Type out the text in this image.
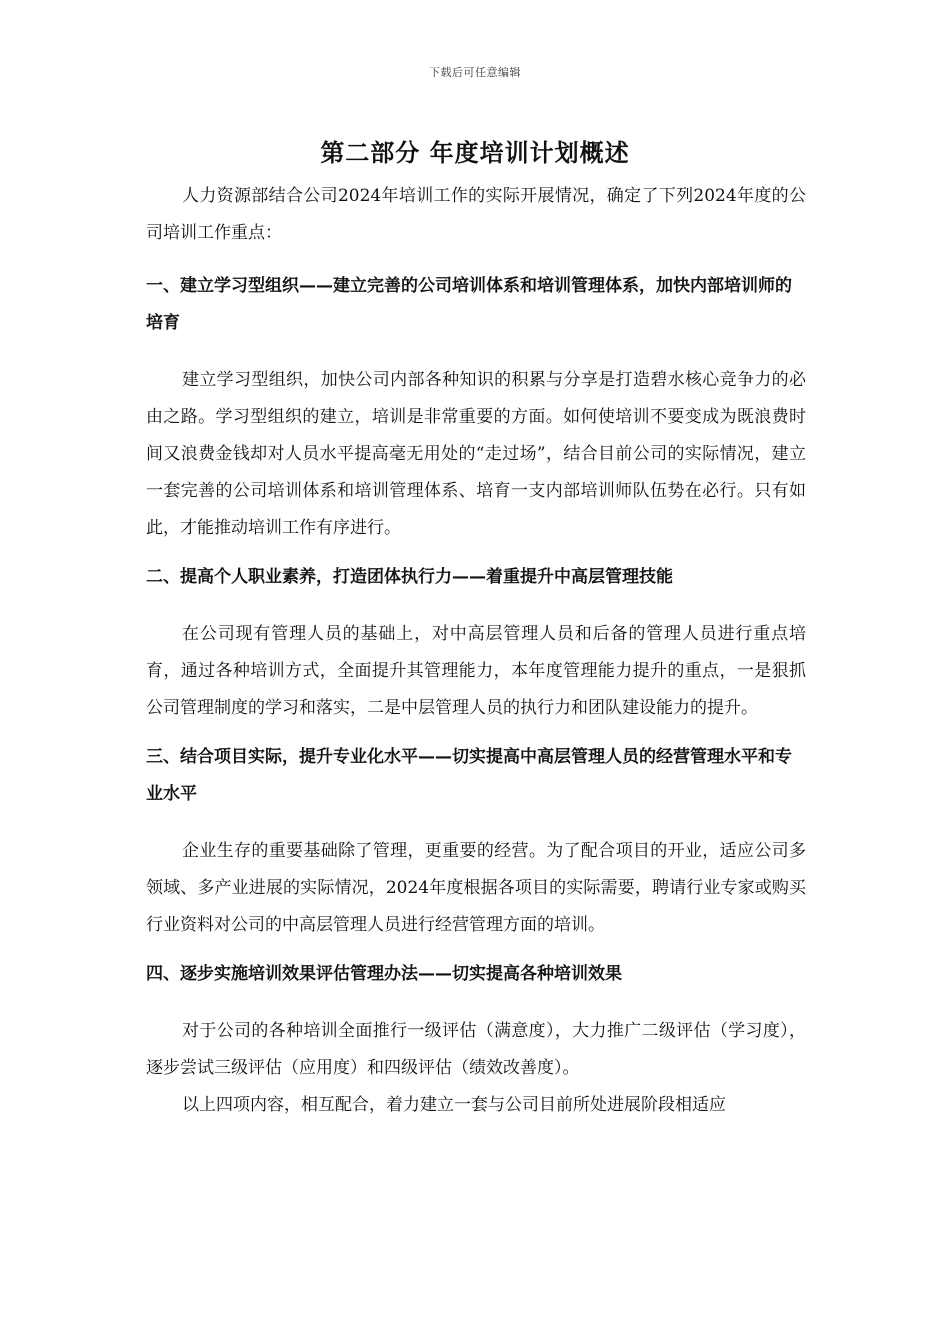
下载后可任意编辑
第二部分 年度培训计划概述

人力资源部结合公司2024年培训工作的实际开展情况，确定了下列2024年度的公司培训工作重点：

一、建立学习型组织——建立完善的公司培训体系和培训管理体系，加快内部培训师的培育

建立学习型组织，加快公司内部各种知识的积累与分享是打造碧水核心竞争力的必由之路。学习型组织的建立，培训是非常重要的方面。如何使培训不要变成为既浪费时间又浪费金钱却对人员水平提高毫无用处的“走过场”，结合目前公司的实际情况，建立一套完善的公司培训体系和培训管理体系、培育一支内部培训师队伍势在必行。只有如此，才能推动培训工作有序进行。

二、提高个人职业素养，打造团体执行力——着重提升中高层管理技能

在公司现有管理人员的基础上，对中高层管理人员和后备的管理人员进行重点培育，通过各种培训方式，全面提升其管理能力，本年度管理能力提升的重点，一是狠抓公司管理制度的学习和落实，二是中层管理人员的执行力和团队建设能力的提升。

三、结合项目实际，提升专业化水平——切实提高中高层管理人员的经营管理水平和专业水平

企业生存的重要基础除了管理，更重要的经营。为了配合项目的开业，适应公司多领域、多产业进展的实际情况，2024年度根据各项目的实际需要，聘请行业专家或购买行业资料对公司的中高层管理人员进行经营管理方面的培训。

四、逐步实施培训效果评估管理办法——切实提高各种培训效果

对于公司的各种培训全面推行一级评估（满意度），大力推广二级评估（学习度），逐步尝试三级评估（应用度）和四级评估（绩效改善度）。

以上四项内容，相互配合，着力建立一套与公司目前所处进展阶段相适应
